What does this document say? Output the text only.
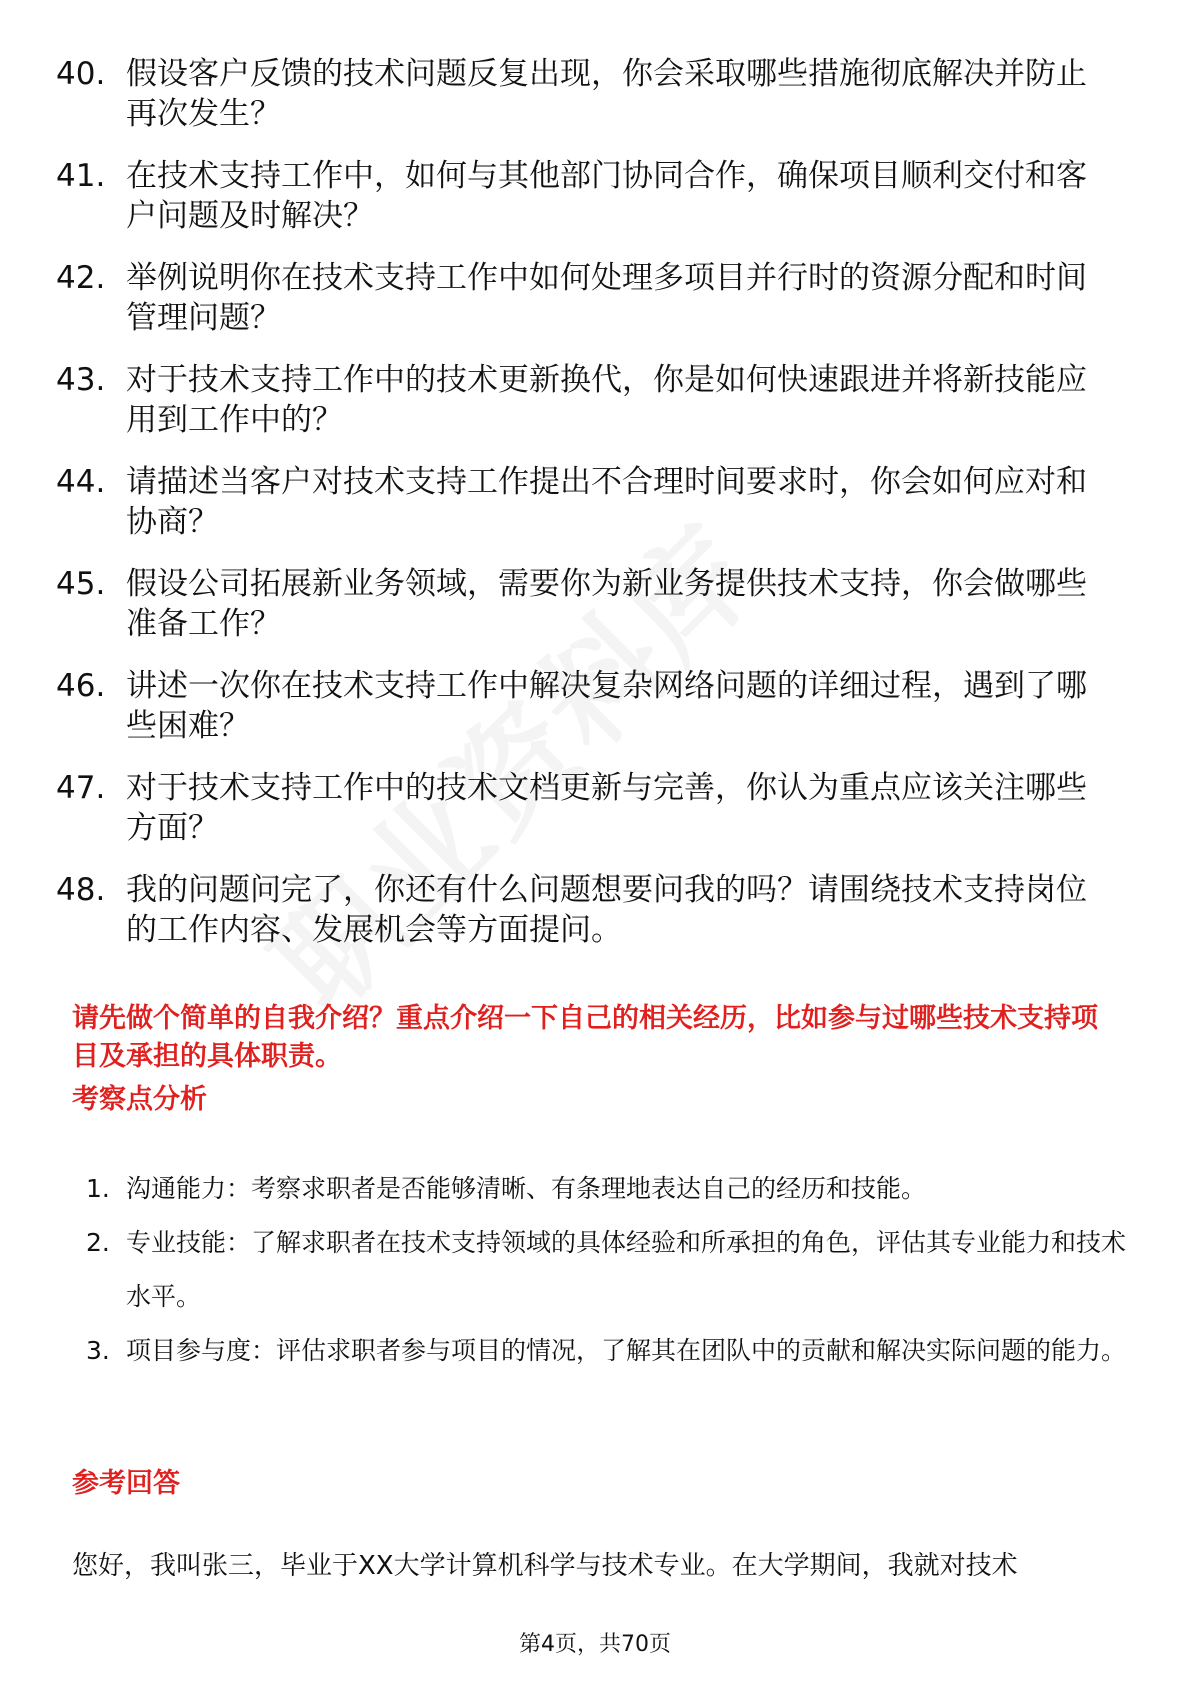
40. 假设客户反馈的技术问题反复出现，你会采取哪些措施彻底解决并防止再次发生？
41. 在技术支持工作中，如何与其他部门协同合作，确保项目顺利交付和客户问题及时解决？
42. 举例说明你在技术支持工作中如何处理多项目并行时的资源分配和时间管理问题？
43. 对于技术支持工作中的技术更新换代，你是如何快速跟进并将新技能应用到工作中的？
44. 请描述当客户对技术支持工作提出不合理时间要求时，你会如何应对和协商？
45. 假设公司拓展新业务领域，需要你为新业务提供技术支持，你会做哪些准备工作？
46. 讲述一次你在技术支持工作中解决复杂网络问题的详细过程，遇到了哪些困难？
47. 对于技术支持工作中的技术文档更新与完善，你认为重点应该关注哪些方面？
48. 我的问题问完了，你还有什么问题想要问我的吗？请围绕技术支持岗位的工作内容、发展机会等方面提问。
请先做个简单的自我介绍？重点介绍一下自己的相关经历，比如参与过哪些技术支持项目及承担的具体职责。
考察点分析
1. 沟通能力：考察求职者是否能够清晰、有条理地表达自己的经历和技能。
2. 专业技能：了解求职者在技术支持领域的具体经验和所承担的角色，评估其专业能力和技术水平。
3. 项目参与度：评估求职者参与项目的情况，了解其在团队中的贡献和解决实际问题的能力。
参考回答
您好，我叫张三，毕业于XX大学计算机科学与技术专业。在大学期间，我就对技术
第4页，共70页
